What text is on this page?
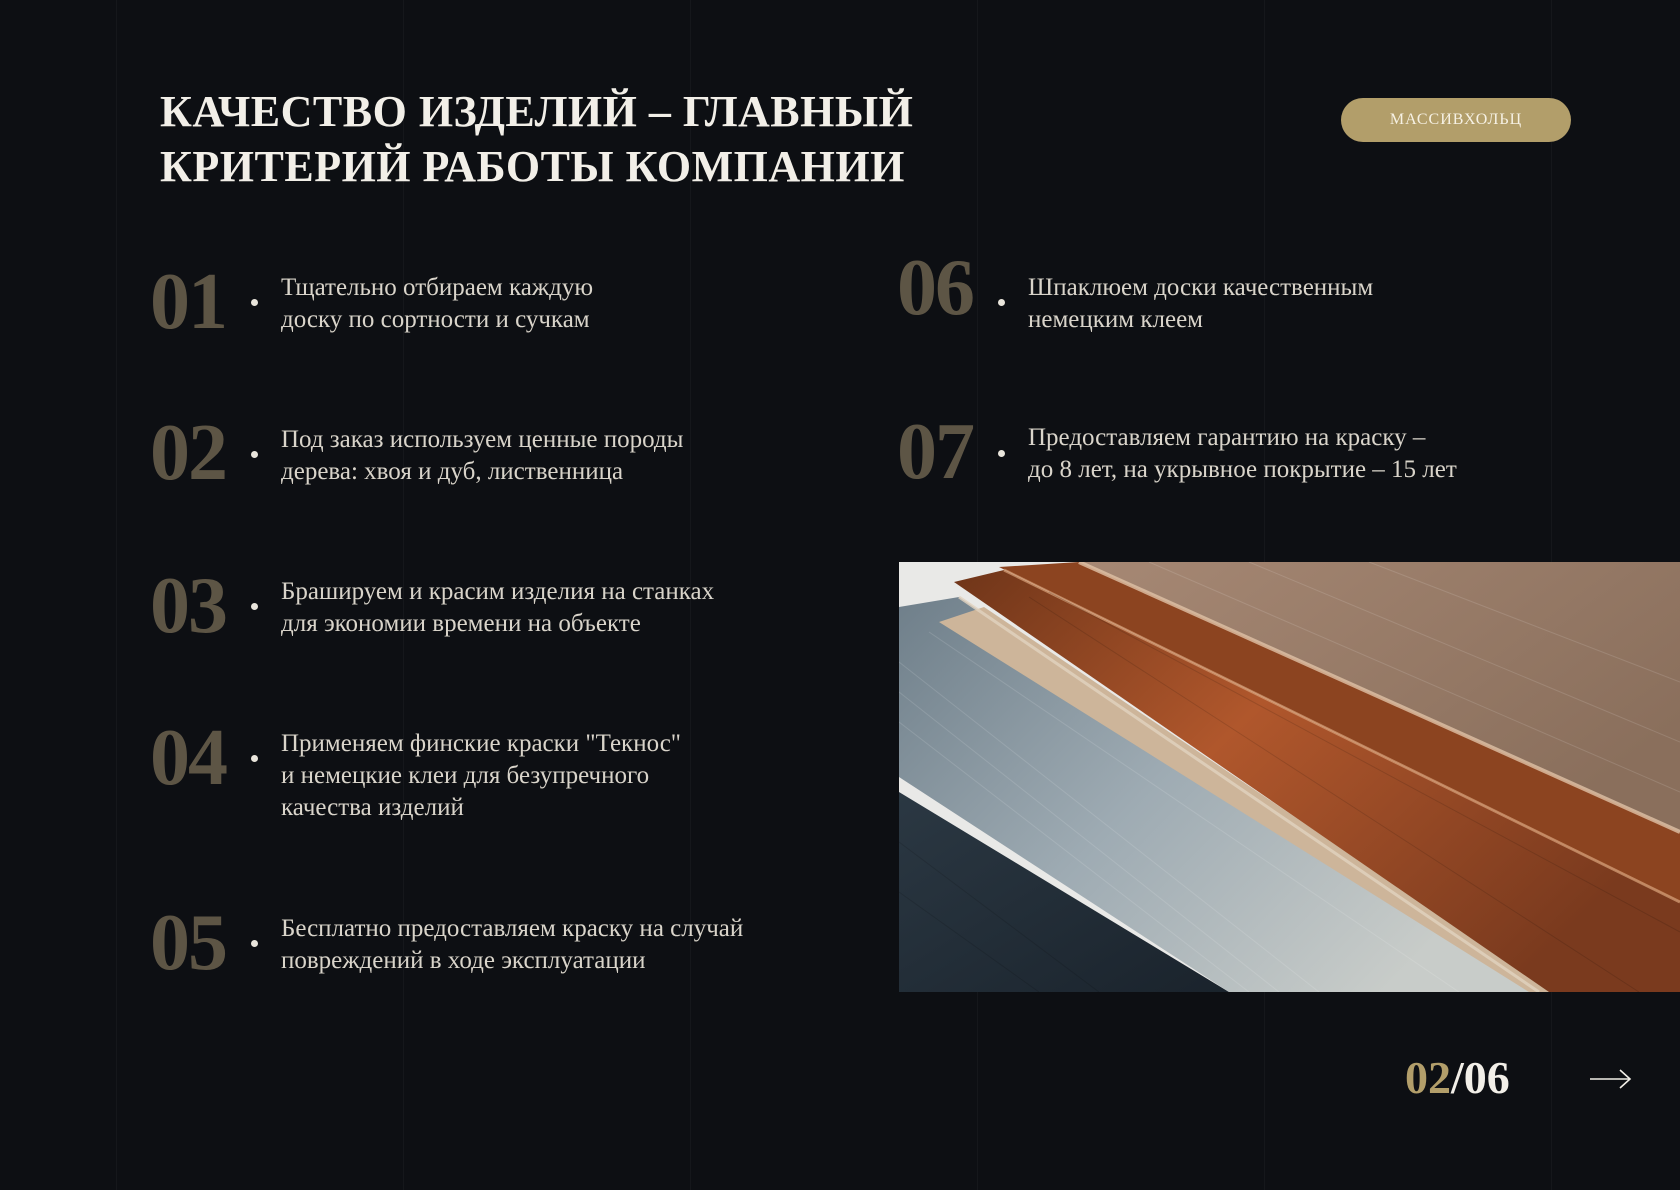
КАЧЕСТВО ИЗДЕЛИЙ – ГЛАВНЫЙ
КРИТЕРИЙ РАБОТЫ КОМПАНИИ
МАССИВХОЛЬЦ
01 Тщательно отбираем каждую
доску по сортности и сучкам
02 Под заказ используем ценные породы
дерева: хвоя и дуб, лиственница
03 Брашируем и красим изделия на станках
для экономии времени на объекте
04 Применяем финские краски "Текнос"
и немецкие клеи для безупречного
качества изделий
05 Бесплатно предоставляем краску на случай
повреждений в ходе эксплуатации
06 Шпаклюем доски качественным
немецким клеем
07 Предоставляем гарантию на краску –
до 8 лет, на укрывное покрытие – 15 лет
02/06
